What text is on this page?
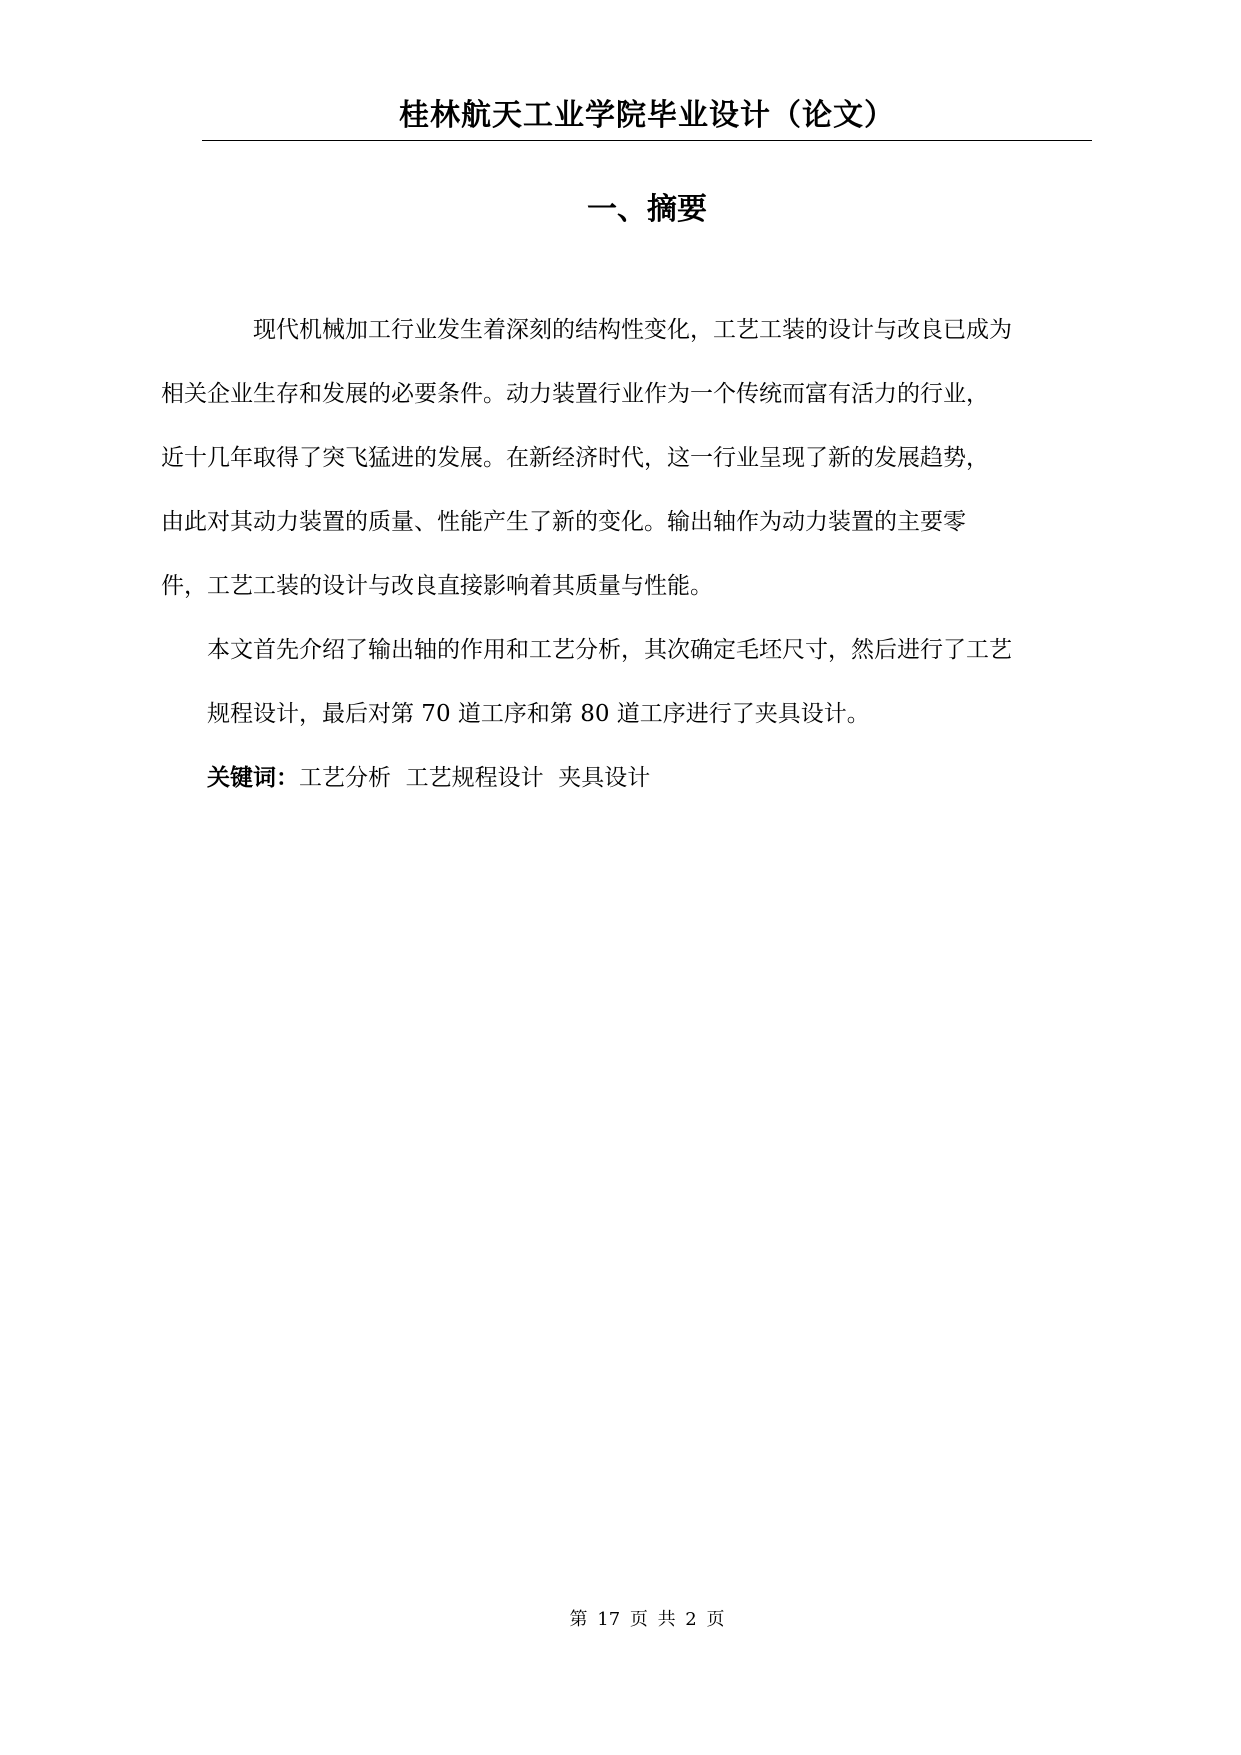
桂林航天工业学院毕业设计（论文）
一、摘要

现代机械加工行业发生着深刻的结构性变化，工艺工装的设计与改良已成为
相关企业生存和发展的必要条件。动力装置行业作为一个传统而富有活力的行业，
近十几年取得了突飞猛进的发展。在新经济时代，这一行业呈现了新的发展趋势，
由此对其动力装置的质量、性能产生了新的变化。输出轴作为动力装置的主要零
件，工艺工装的设计与改良直接影响着其质量与性能。

本文首先介绍了输出轴的作用和工艺分析，其次确定毛坯尺寸，然后进行了工艺
规程设计，最后对第 70 道工序和第 80 道工序进行了夹具设计。

关键词：工艺分析  工艺规程设计  夹具设计

第 17 页 共 2 页
